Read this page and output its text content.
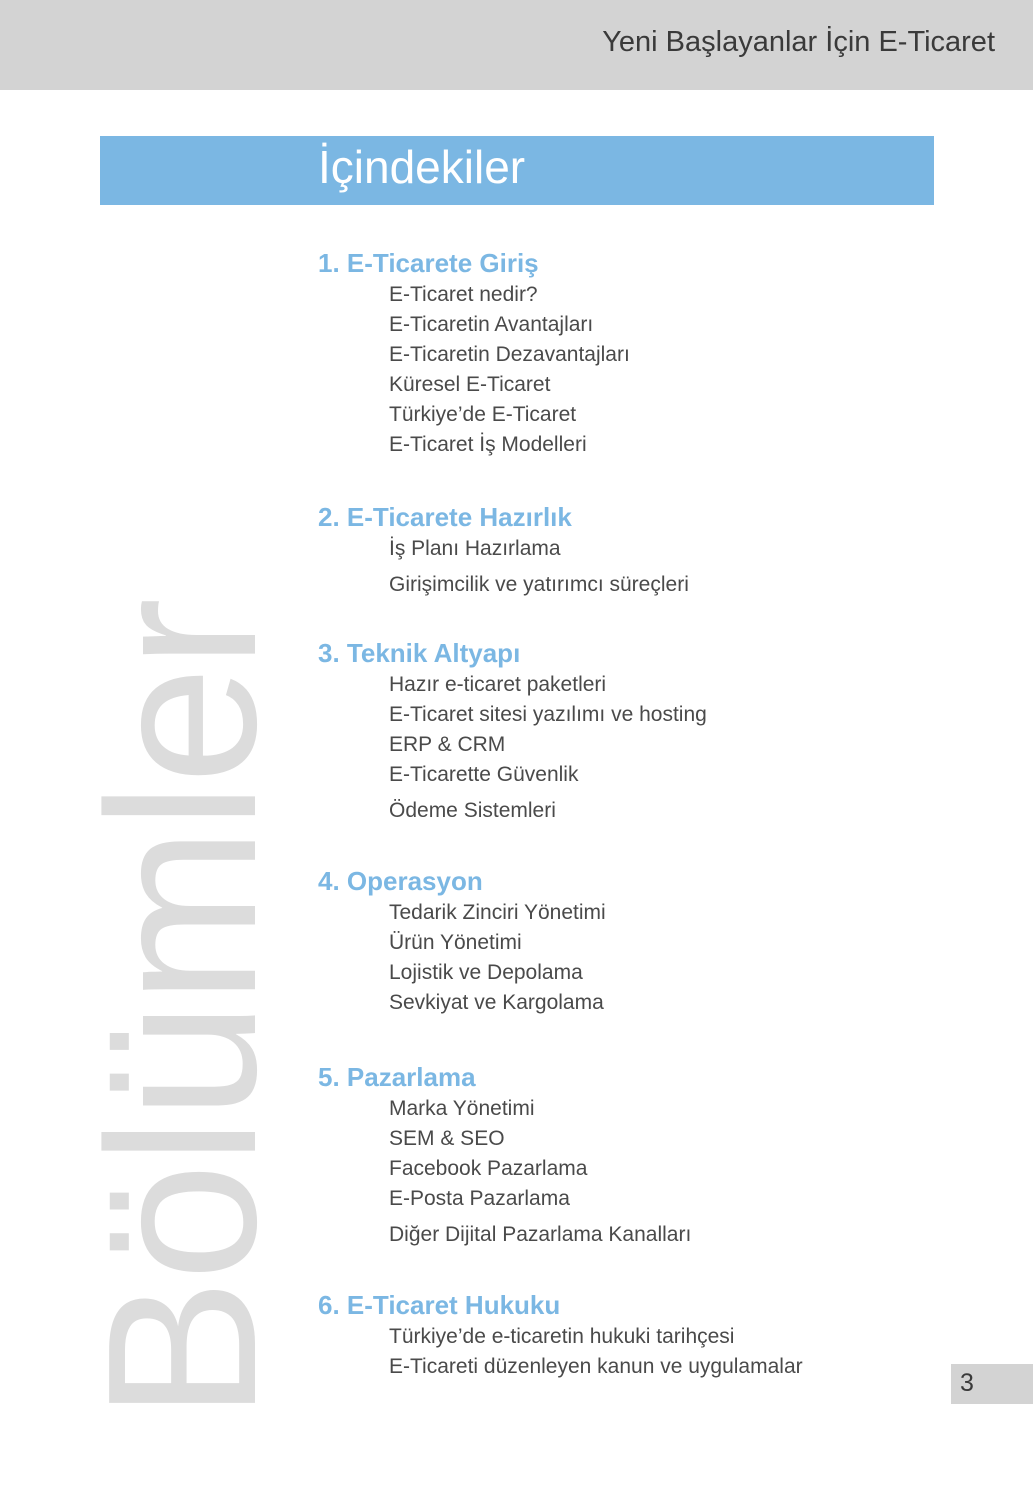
Yeni Başlayanlar İçin E-Ticaret
İçindekiler
Bölümler
1. E-Ticarete Giriş
E-Ticaret nedir?
E-Ticaretin Avantajları
E-Ticaretin Dezavantajları
Küresel E-Ticaret
Türkiye’de E-Ticaret
E-Ticaret İş Modelleri
2. E-Ticarete Hazırlık
İş Planı Hazırlama
Girişimcilik ve yatırımcı süreçleri
3. Teknik Altyapı
Hazır e-ticaret paketleri
E-Ticaret sitesi yazılımı ve hosting
ERP & CRM
E-Ticarette Güvenlik
Ödeme Sistemleri
4. Operasyon
Tedarik Zinciri Yönetimi
Ürün Yönetimi
Lojistik ve Depolama
Sevkiyat ve Kargolama
5. Pazarlama
Marka Yönetimi
SEM & SEO
Facebook Pazarlama
E-Posta Pazarlama
Diğer Dijital Pazarlama Kanalları
6. E-Ticaret Hukuku
Türkiye’de e-ticaretin hukuki tarihçesi
E-Ticareti düzenleyen kanun ve uygulamalar
3
